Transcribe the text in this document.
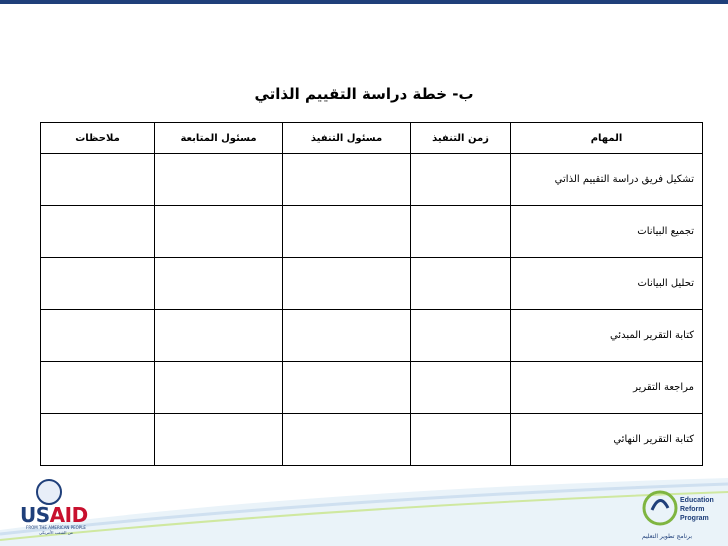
ب- خطة دراسة التقييم الذاتي
المهام	زمن التنفيذ	مسئول التنفيذ	مسئول المتابعة	ملاحظات
تشكيل فريق دراسة التقييم الذاتي				
تجميع البيانات				
تحليل البيانات				
كتابة التقرير المبدئي				
مراجعة التقرير				
كتابة التقرير النهائي				
USAID
FROM THE AMERICAN PEOPLE
من الشعب الأمريكي
Education
Reform
Program
برنامج تطوير التعليم
